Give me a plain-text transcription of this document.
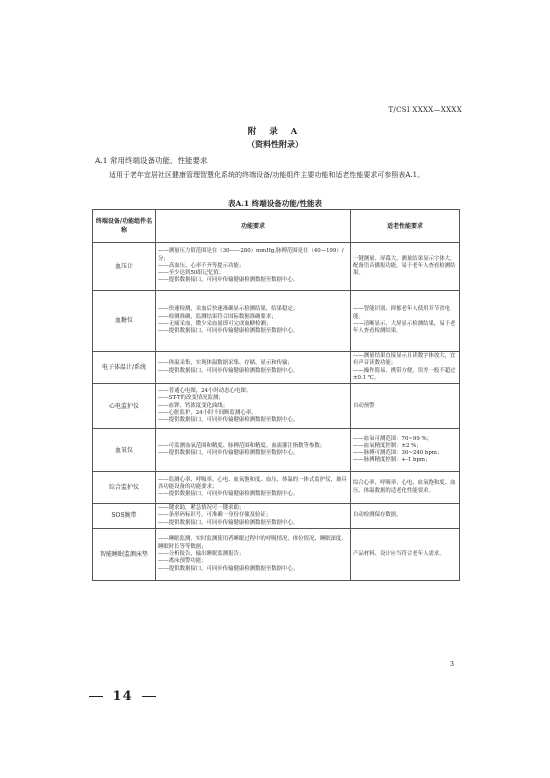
T/CSI XXXX—XXXX
附 录 A
（资料性附录）
A.1 常用终端设备功能、性能要求
适用于老年宜居社区健康管理智慧化系统的终端设备/功能组件主要功能和适老性能要求可参照表A.1。
表A.1 终端设备功能/性能表
终端设备/功能组件名称	功能要求	适老性能要求
血压计	——测量压力值范围是在（30——280）mmHg,脉搏范围是在（40—199）/分；
——高血压、心率不齐等提示功能；
——至少达到50组记忆值；
——提供数据接口，可同步传输健康检测数据至数据中心。	一键测量、屏幕大、测量结果显示字体大，配备语音播报功能，易于老年人查看检测结果。

血糖仪	——快速检测，采血后快速准确显示检测结果，结果稳定；
——检测准确，监测结果符合国际数据准确要求；
——无痛采血，微少采血量即可完成血糖检测；
——提供数据接口，可同步传输健康检测数据至数据中心。	——智能识别、抑郁老年人使用并节省电能。
——清晰显示，大屏显示检测结果，易于老年人查看检测结果。

电子体温计/系统	——体温采集，实现体温数据采集、存储、显示和传输；
——提供数据接口，可同步传输健康检测数据至数据中心。	——测量结果直接显示且读数字体放大，宜有声音读数功能；
——操作简易，携带方便，误差一般不超过±0.1 ℃。

心电监护仪	——普通心电图，24小时动态心电图；
——ST-T的改变情况监测；
——血钾、钙浓度变化曲线；
——心脏监护，24小时不间断监测心率，
——提供数据接口，可同步传输健康检测数据至数据中心。	自动预警

血氧仪	——可监测血氧范围和精度、脉搏范围和精度、血流灌注指数等参数；
——提供数据接口，可同步传输健康检测数据至数据中心。	——血氧可测范围：70~99 %；
——血氧精度控制：±2 %；
——脉搏可测范围：30~240 bpm；
——脉搏精度控制：+-1 bpm；

综合监护仪	——监测心率、呼吸率、心电、血氧饱和度、血压、体温的一体式监护仪，兼具各功能设备的功能要求；
——提供数据接口，可同步传输健康检测数据至数据中心。	综合心率、呼吸率、心电、血氧饱和度、血压、体温数据的适老化性能要求。

SOS腕带	——键求助，紧急情况可一键求助；
——条形码标识号，可准确一身份存储及验证；
——提供数据接口，可同步传输健康检测数据至数据中心。	自动检测保存数据。

智能睡眠监测床垫	——睡眠监测，实时监测使用者睡眠过程中的呼吸情况、体位情况、睡眠深度、睡眠时长等等数据；
——分析报告，输出睡眠监测报告；
——离床预警功能；
——提供数据接口，可同步传输健康检测数据至数据中心。	产品材料、设计应当符合老年人需求。
3
14
